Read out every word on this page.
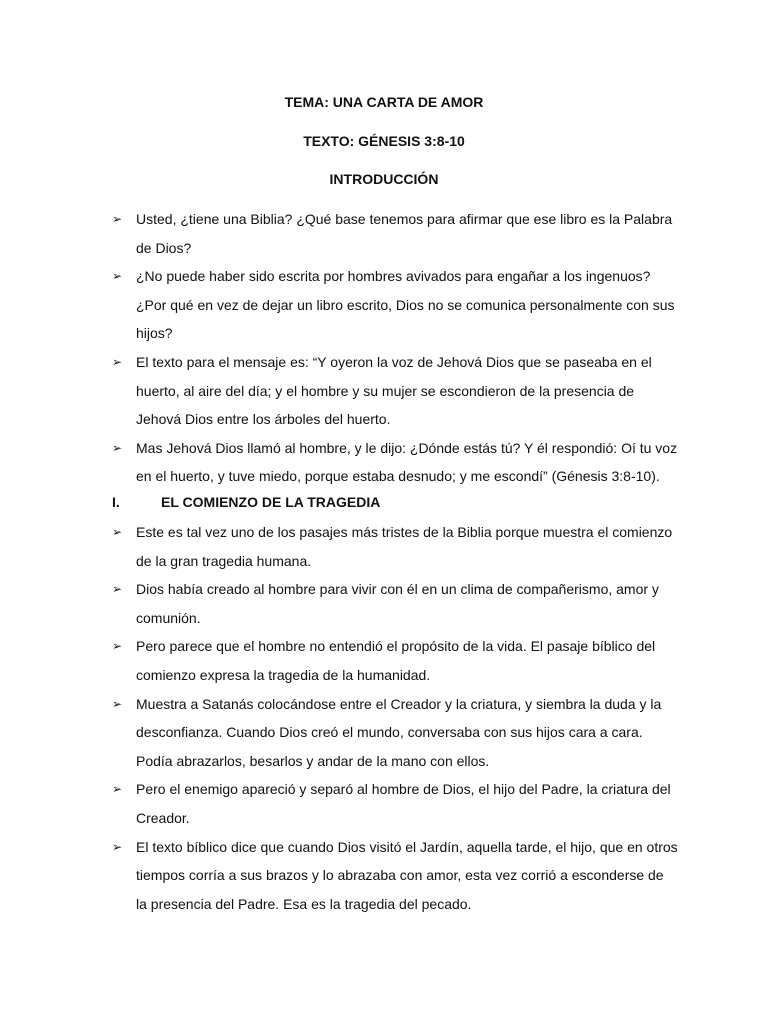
TEMA: UNA CARTA DE AMOR
TEXTO: GÉNESIS 3:8-10
INTRODUCCIÓN
➢ Usted, ¿tiene una Biblia? ¿Qué base tenemos para afirmar que ese libro es la Palabra de Dios?
➢ ¿No puede haber sido escrita por hombres avivados para engañar a los ingenuos? ¿Por qué en vez de dejar un libro escrito, Dios no se comunica personalmente con sus hijos?
➢ El texto para el mensaje es: “Y oyeron la voz de Jehová Dios que se paseaba en el huerto, al aire del día; y el hombre y su mujer se escondieron de la presencia de Jehová Dios entre los árboles del huerto.
➢ Mas Jehová Dios llamó al hombre, y le dijo: ¿Dónde estás tú? Y él respondió: Oí tu voz en el huerto, y tuve miedo, porque estaba desnudo; y me escondí” (Génesis 3:8-10).
I.	EL COMIENZO DE LA TRAGEDIA
➢ Este es tal vez uno de los pasajes más tristes de la Biblia porque muestra el comienzo de la gran tragedia humana.
➢ Dios había creado al hombre para vivir con él en un clima de compañerismo, amor y comunión.
➢ Pero parece que el hombre no entendió el propósito de la vida. El pasaje bíblico del comienzo expresa la tragedia de la humanidad.
➢ Muestra a Satanás colocándose entre el Creador y la criatura, y siembra la duda y la desconfianza. Cuando Dios creó el mundo, conversaba con sus hijos cara a cara. Podía abrazarlos, besarlos y andar de la mano con ellos.
➢ Pero el enemigo apareció y separó al hombre de Dios, el hijo del Padre, la criatura del Creador.
➢ El texto bíblico dice que cuando Dios visitó el Jardín, aquella tarde, el hijo, que en otros tiempos corría a sus brazos y lo abrazaba con amor, esta vez corrió a esconderse de la presencia del Padre. Esa es la tragedia del pecado.
